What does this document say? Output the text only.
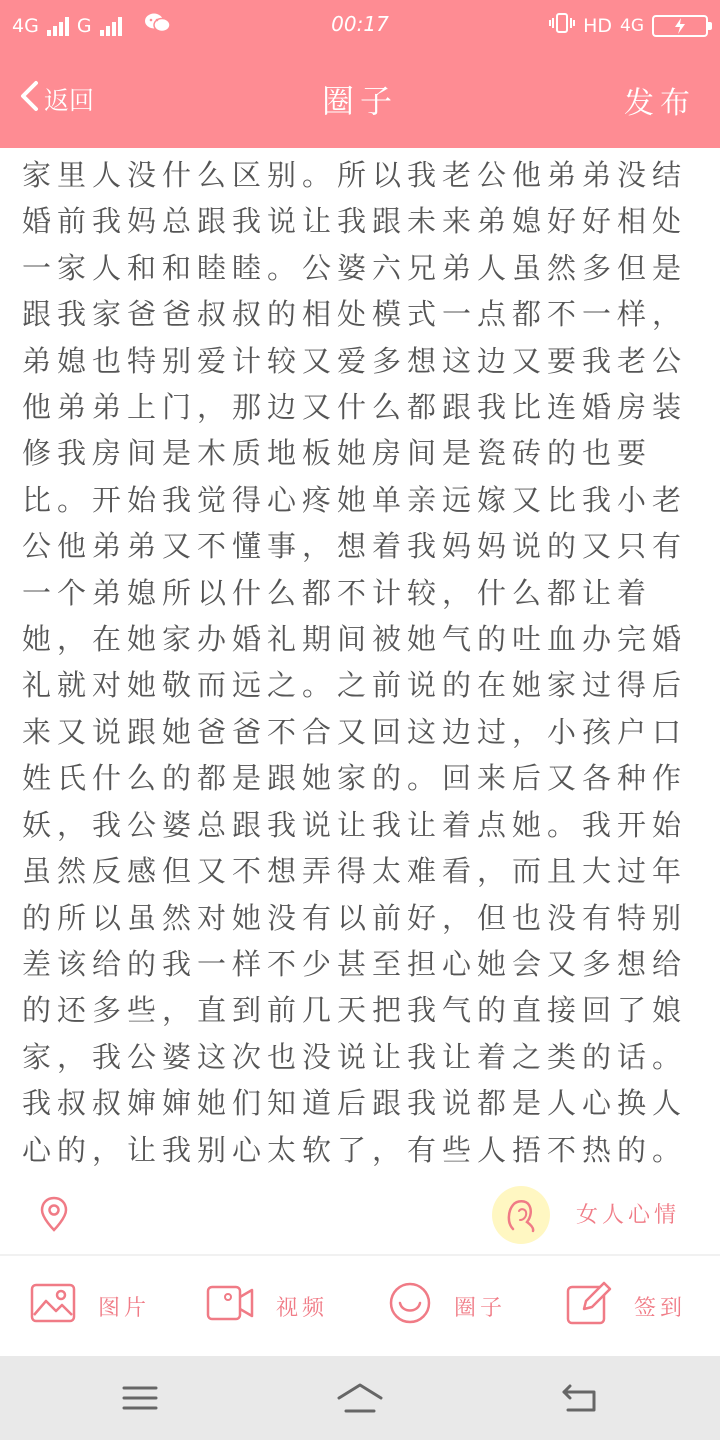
4G G	00:17	HD 4G
返回	圈子	发布

家里人没什么区别。所以我老公他弟弟没结婚前我妈总跟我说让我跟未来弟媳好好相处一家人和和睦睦。公婆六兄弟人虽然多但是跟我家爸爸叔叔的相处模式一点都不一样，弟媳也特别爱计较又爱多想这边又要我老公他弟弟上门，那边又什么都跟我比连婚房装修我房间是木质地板她房间是瓷砖的也要比。开始我觉得心疼她单亲远嫁又比我小老公他弟弟又不懂事，想着我妈妈说的又只有一个弟媳所以什么都不计较，什么都让着她，在她家办婚礼期间被她气的吐血办完婚礼就对她敬而远之。之前说的在她家过得后来又说跟她爸爸不合又回这边过，小孩户口姓氏什么的都是跟她家的。回来后又各种作妖，我公婆总跟我说让我让着点她。我开始虽然反感但又不想弄得太难看，而且大过年的所以虽然对她没有以前好，但也没有特别差该给的我一样不少甚至担心她会又多想给的还多些，直到前几天把我气的直接回了娘家，我公婆这次也没说让我让着之类的话。我叔叔婶婶她们知道后跟我说都是人心换人心的，让我别心太软了，有些人捂不热的。

女人心情
图片	视频	圈子	签到
